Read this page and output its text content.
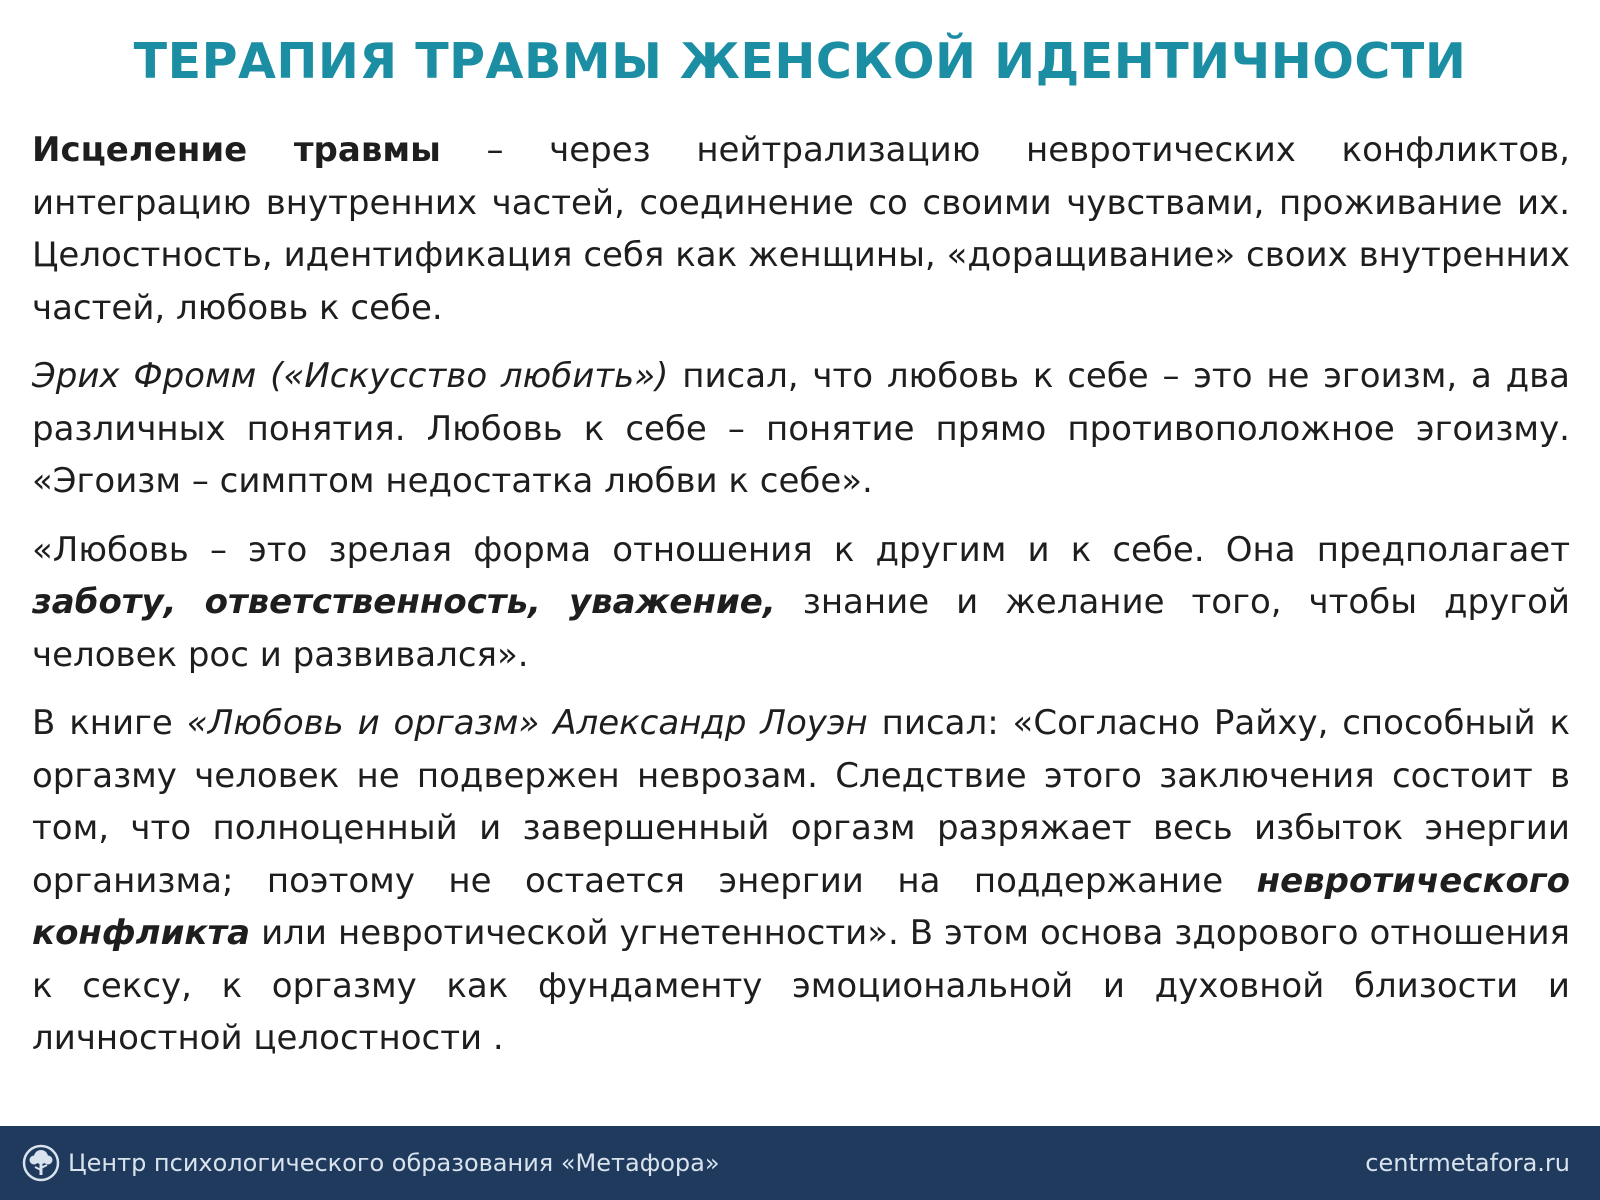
ТЕРАПИЯ ТРАВМЫ ЖЕНСКОЙ ИДЕНТИЧНОСТИ

Исцеление травмы – через нейтрализацию невротических конфликтов, интеграцию внутренних частей, соединение со своими чувствами, проживание их. Целостность, идентификация себя как женщины, «доращивание» своих внутренних частей, любовь к себе.

Эрих Фромм («Искусство любить») писал, что любовь к себе – это не эгоизм, а два различных понятия. Любовь к себе – понятие прямо противоположное эгоизму. «Эгоизм – симптом недостатка любви к себе».

«Любовь – это зрелая форма отношения к другим и к себе. Она предполагает заботу, ответственность, уважение, знание и желание того, чтобы другой человек рос и развивался».

В книге «Любовь и оргазм» Александр Лоуэн писал: «Согласно Райху, способный к оргазму человек не подвержен неврозам. Следствие этого заключения состоит в том, что полноценный и завершенный оргазм разряжает весь избыток энергии организма; поэтому не остается энергии на поддержание невротического конфликта или невротической угнетенности». В этом основа здорового отношения к сексу, к оргазму как фундаменту эмоциональной и духовной близости и личностной целостности .

Центр психологического образования «Метафора»	centrmetafora.ru
